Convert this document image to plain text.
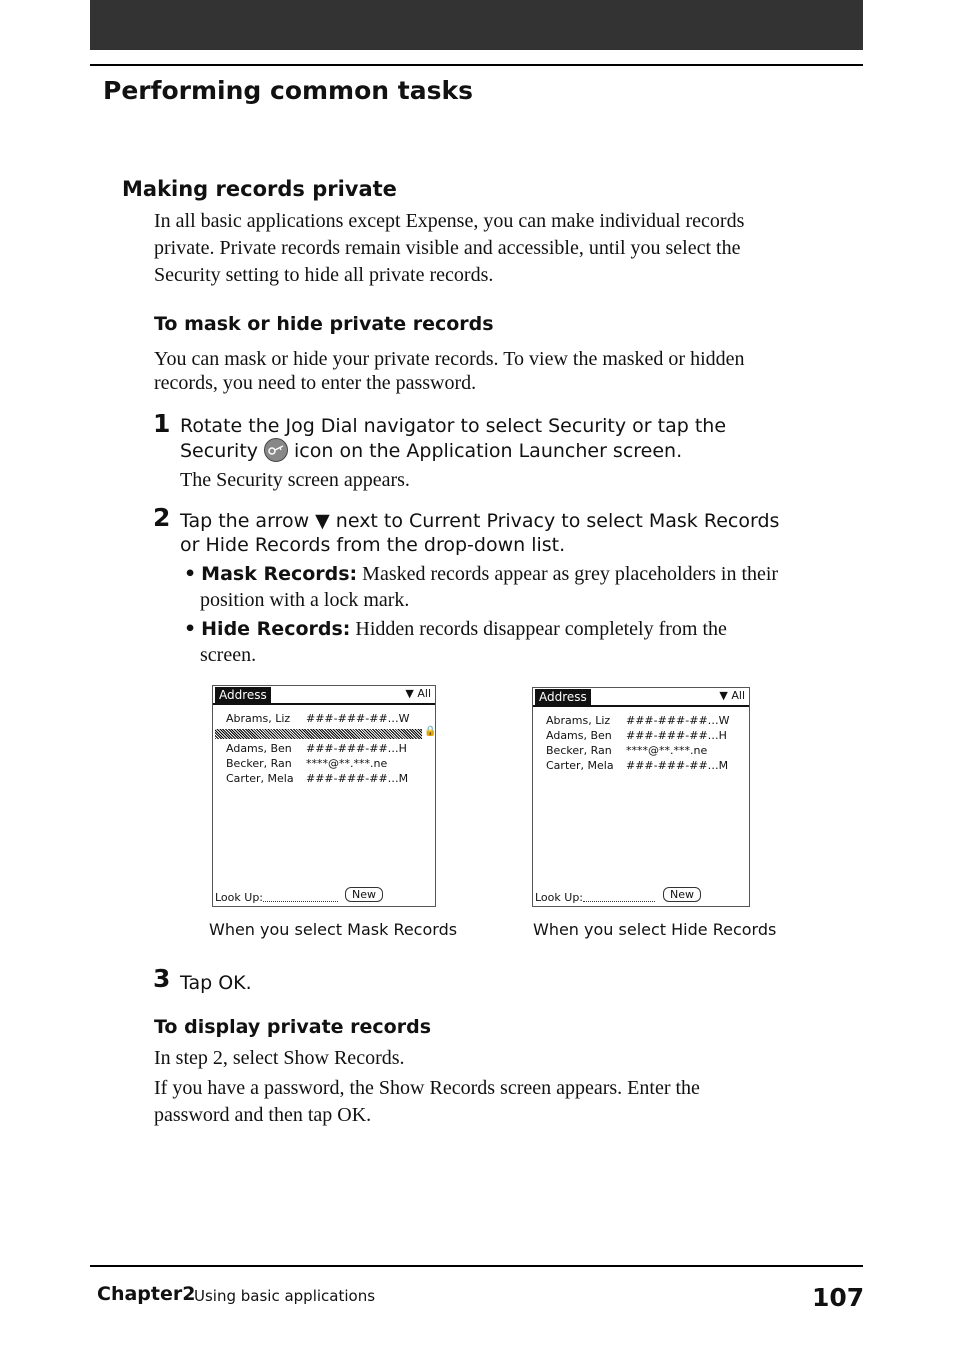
Performing common tasks
Making records private
In all basic applications except Expense, you can make individual records
private. Private records remain visible and accessible, until you select the
Security setting to hide all private records.
To mask or hide private records
You can mask or hide your private records. To view the masked or hidden
records, you need to enter the password.
1 Rotate the Jog Dial navigator to select Security or tap the
Security icon on the Application Launcher screen.
The Security screen appears.
2 Tap the arrow ▼ next to Current Privacy to select Mask Records
or Hide Records from the drop-down list.
• Mask Records: Masked records appear as grey placeholders in their
position with a lock mark.
• Hide Records: Hidden records disappear completely from the
screen.
Address	▼ All
Abrams, Liz ###-###-##…W
🔒
Adams, Ben ###-###-##…H
Becker, Ran ****@**.***.ne
Carter, Mela ###-###-##…M
Look Up:	New
When you select Mask Records
Address	▼ All
Abrams, Liz ###-###-##…W
Adams, Ben ###-###-##…H
Becker, Ran ****@**.***.ne
Carter, Mela ###-###-##…M
Look Up:	New
When you select Hide Records
3 Tap OK.
To display private records
In step 2, select Show Records.
If you have a password, the Show Records screen appears. Enter the
password and then tap OK.
Chapter2
Using basic applications	107
